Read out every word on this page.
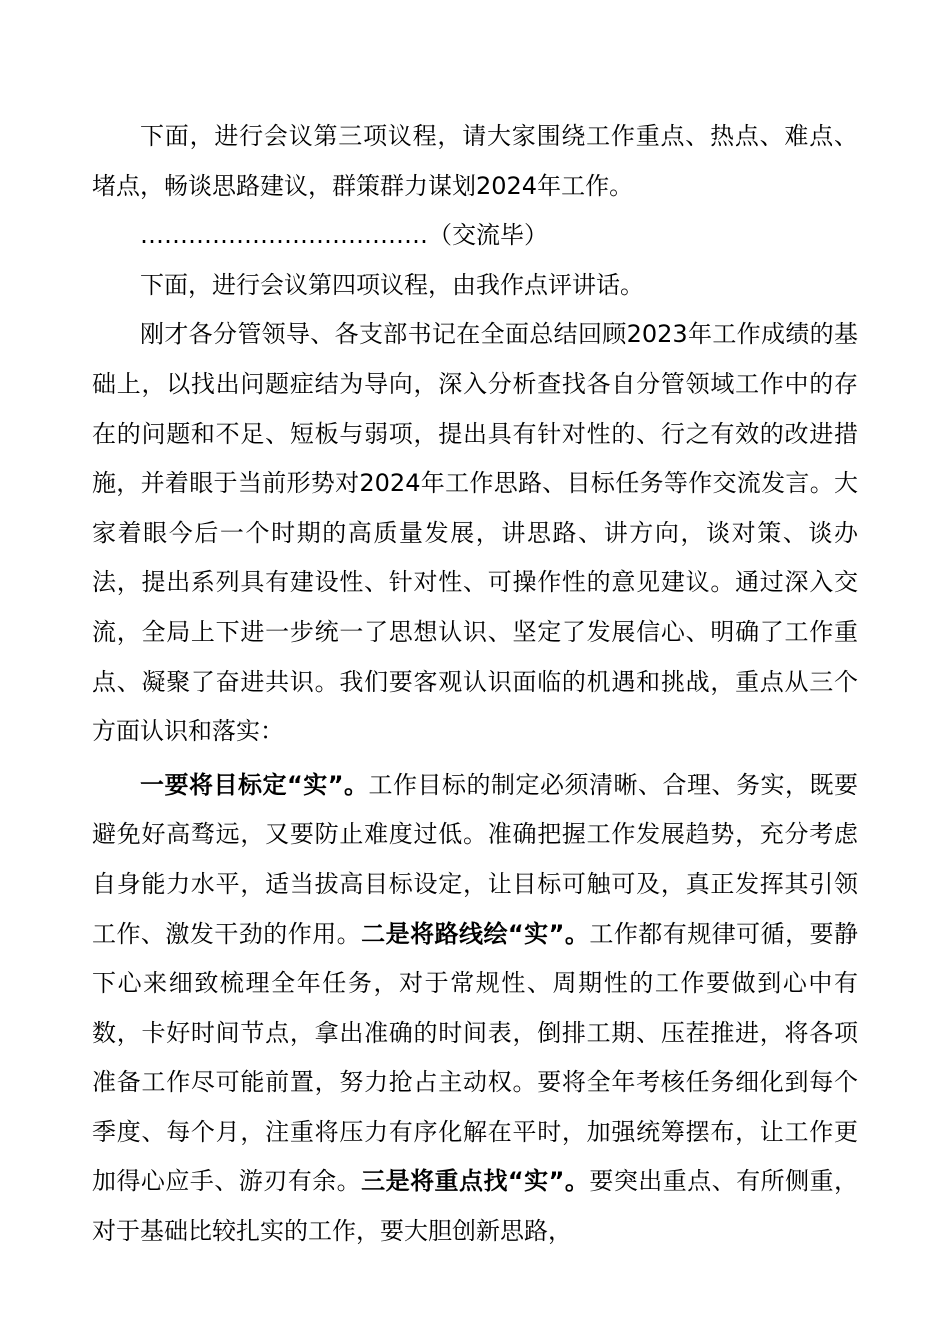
下面，进行会议第三项议程，请大家围绕工作重点、热点、难点、堵点，畅谈思路建议，群策群力谋划2024年工作。

………………………………（交流毕）

下面，进行会议第四项议程，由我作点评讲话。

刚才各分管领导、各支部书记在全面总结回顾2023年工作成绩的基础上，以找出问题症结为导向，深入分析查找各自分管领域工作中的存在的问题和不足、短板与弱项，提出具有针对性的、行之有效的改进措施，并着眼于当前形势对2024年工作思路、目标任务等作交流发言。大家着眼今后一个时期的高质量发展，讲思路、讲方向，谈对策、谈办法，提出系列具有建设性、针对性、可操作性的意见建议。通过深入交流，全局上下进一步统一了思想认识、坚定了发展信心、明确了工作重点、凝聚了奋进共识。我们要客观认识面临的机遇和挑战，重点从三个方面认识和落实：

一要将目标定“实”。工作目标的制定必须清晰、合理、务实，既要避免好高骛远，又要防止难度过低。准确把握工作发展趋势，充分考虑自身能力水平，适当拔高目标设定，让目标可触可及，真正发挥其引领工作、激发干劲的作用。二是将路线绘“实”。工作都有规律可循，要静下心来细致梳理全年任务，对于常规性、周期性的工作要做到心中有数，卡好时间节点，拿出准确的时间表，倒排工期、压茬推进，将各项准备工作尽可能前置，努力抢占主动权。要将全年考核任务细化到每个季度、每个月，注重将压力有序化解在平时，加强统筹摆布，让工作更加得心应手、游刃有余。三是将重点找“实”。要突出重点、有所侧重，对于基础比较扎实的工作，要大胆创新思路，
